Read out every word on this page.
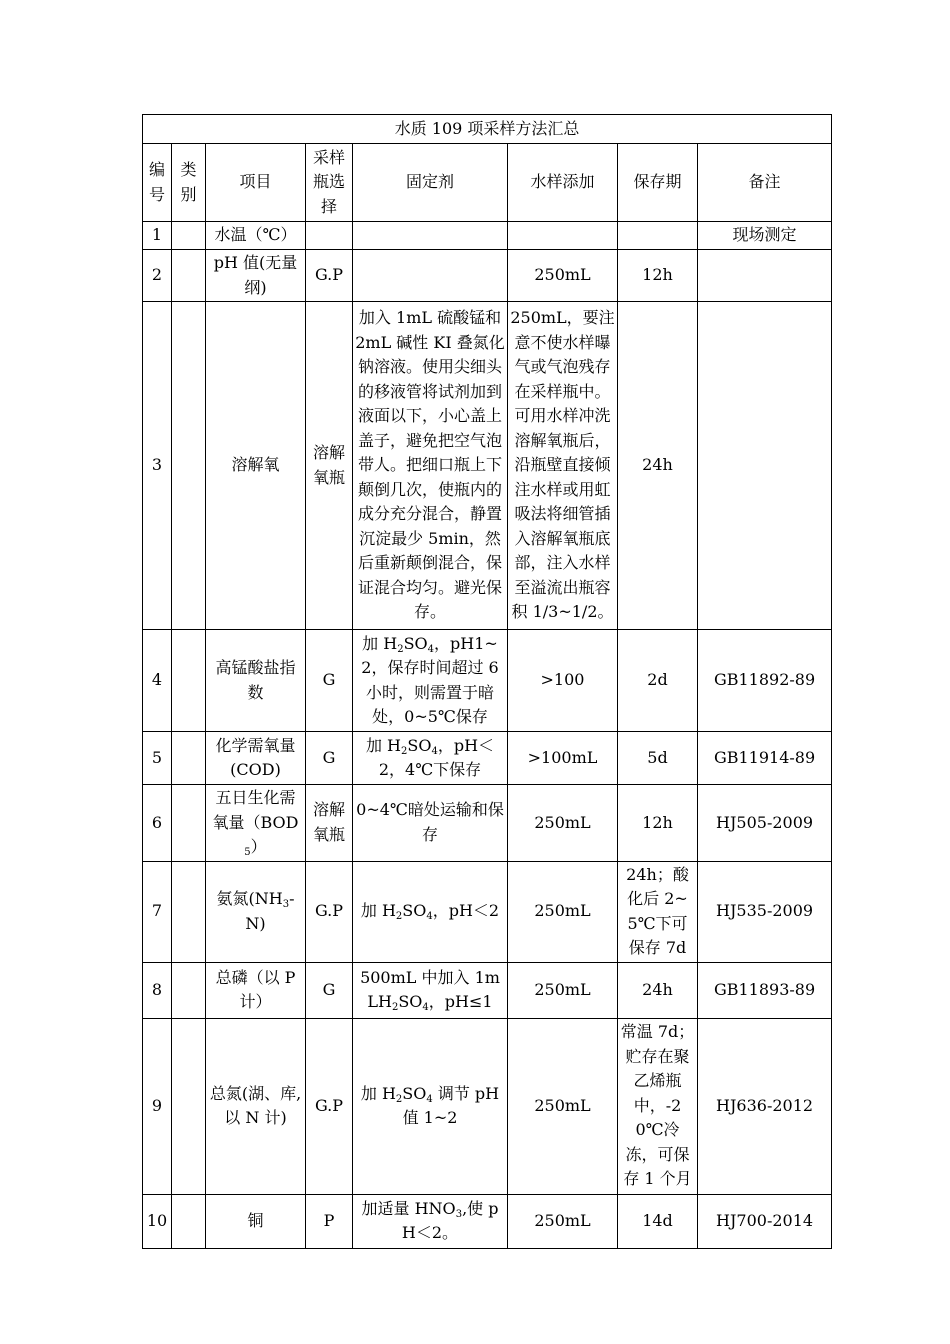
水质 109 项采样方法汇总							
编号	类别	项目	采样瓶选择	固定剂	水样添加	保存期	备注
1		水温（℃）					现场测定
2		pH 值(无量纲)	G.P		250mL	12h	
3		溶解氧	溶解氧瓶	加入 1mL 硫酸锰和 2mL 碱性 KI 叠氮化钠溶液。使用尖细头的移液管将试剂加到液面以下，小心盖上盖子，避免把空气泡带人。把细口瓶上下颠倒几次，使瓶内的成分充分混合，静置沉淀最少 5min，然后重新颠倒混合，保证混合均匀。避光保存。	250mL，要注意不使水样曝气或气泡残存在采样瓶中。可用水样冲洗溶解氧瓶后，沿瓶壁直接倾注水样或用虹吸法将细管插入溶解氧瓶底部，注入水样至溢流出瓶容积 1/3~1/2。	24h	
4		高锰酸盐指数	G	加 $H_2SO_4$，pH1~2，保存时间超过 6 小时，则需置于暗处，0~5℃保存	>100	2d	GB11892-89
5		化学需氧量(COD)	G	加 $H_2SO_4$，pH＜2，4℃下保存	>100mL	5d	GB11914-89
6		五日生化需氧量$(BOD_5)$	溶解氧瓶	0~4℃暗处运输和保存	250mL	12h	HJ505-2009
7		氨氮$(NH_3-N)$	G.P	加 $H_2SO_4$，pH＜2	250mL	24h；酸化后 2~5℃下可保存 7d	HJ535-2009
8		总磷（以 P 计）	G	500mL 中加入 $1mLH_2SO_4$，pH≤1	250mL	24h	GB11893-89
9		总氮(湖、库,以 N 计)	G.P	加 $H_2SO_4$ 调节 pH 值 1~2	250mL	常温 7d；贮存在聚乙烯瓶中，-20℃冷冻，可保存 1 个月	HJ636-2012
10		铜	P	加适量 $HNO_3$,使 pH＜2。	250mL	14d	HJ700-2014
